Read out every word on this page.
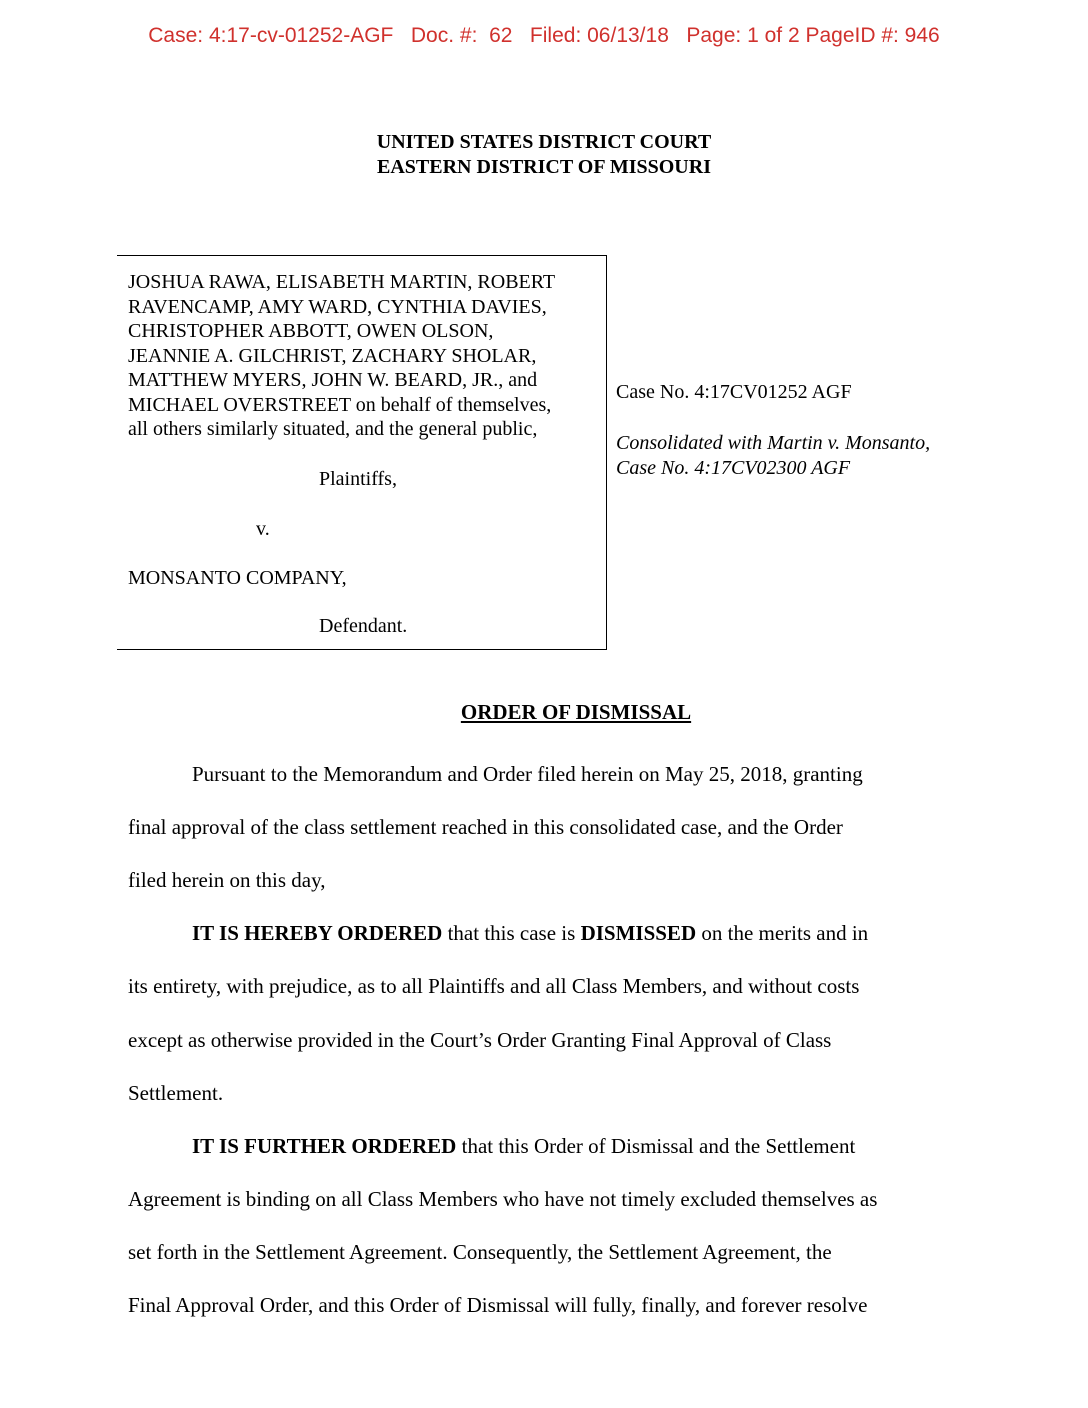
Case: 4:17-cv-01252-AGF   Doc. #:  62   Filed: 06/13/18   Page: 1 of 2 PageID #: 946
UNITED STATES DISTRICT COURT
EASTERN DISTRICT OF MISSOURI
JOSHUA RAWA, ELISABETH MARTIN, ROBERT
RAVENCAMP, AMY WARD, CYNTHIA DAVIES,
CHRISTOPHER ABBOTT, OWEN OLSON,
JEANNIE A. GILCHRIST, ZACHARY SHOLAR,
MATTHEW MYERS, JOHN W. BEARD, JR., and
MICHAEL OVERSTREET on behalf of themselves,
all others similarly situated, and the general public,
Plaintiffs,
v.
MONSANTO COMPANY,
Defendant.
Case No. 4:17CV01252 AGF
Consolidated with Martin v. Monsanto,
Case No. 4:17CV02300 AGF
ORDER OF DISMISSAL
Pursuant to the Memorandum and Order filed herein on May 25, 2018, granting
final approval of the class settlement reached in this consolidated case, and the Order
filed herein on this day,
IT IS HEREBY ORDERED that this case is DISMISSED on the merits and in
its entirety, with prejudice, as to all Plaintiffs and all Class Members, and without costs
except as otherwise provided in the Court’s Order Granting Final Approval of Class
Settlement.
IT IS FURTHER ORDERED that this Order of Dismissal and the Settlement
Agreement is binding on all Class Members who have not timely excluded themselves as
set forth in the Settlement Agreement. Consequently, the Settlement Agreement, the
Final Approval Order, and this Order of Dismissal will fully, finally, and forever resolve
